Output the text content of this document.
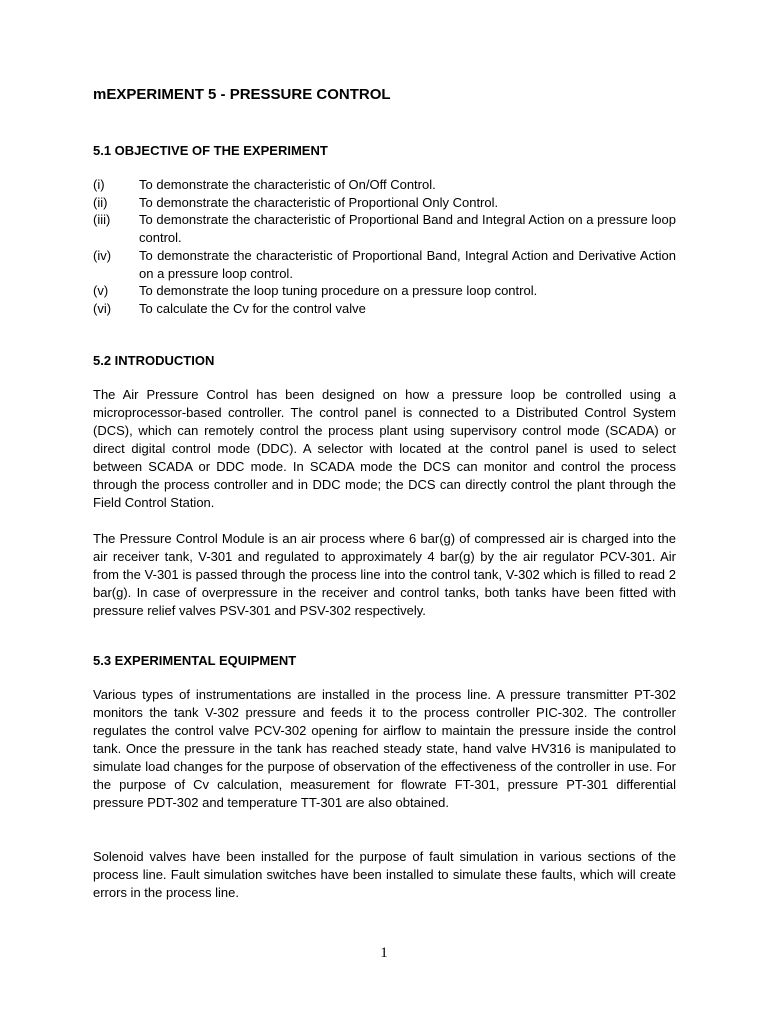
mEXPERIMENT 5 - PRESSURE CONTROL
5.1 OBJECTIVE OF THE EXPERIMENT
(i)	To demonstrate the characteristic of On/Off Control.
(ii)	To demonstrate the characteristic of Proportional Only Control.
(iii)	To demonstrate the characteristic of Proportional Band and Integral Action on a pressure loop control.
(iv)	To demonstrate the characteristic of Proportional Band, Integral Action and Derivative Action on a pressure loop control.
(v)	To demonstrate the loop tuning procedure on a pressure loop control.
(vi)	To calculate the Cv for the control valve
5.2 INTRODUCTION

The Air Pressure Control has been designed on how a pressure loop be controlled using a microprocessor-based controller. The control panel is connected to a Distributed Control System (DCS), which can remotely control the process plant using supervisory control mode (SCADA) or direct digital control mode (DDC). A selector with located at the control panel is used to select between SCADA or DDC mode. In SCADA mode the DCS can monitor and control the process through the process controller and in DDC mode; the DCS can directly control the plant through the Field Control Station.

The Pressure Control Module is an air process where 6 bar(g) of compressed air is charged into the air receiver tank, V-301 and regulated to approximately 4 bar(g) by the air regulator PCV-301. Air from the V-301 is passed through the process line into the control tank, V-302 which is filled to read 2 bar(g). In case of overpressure in the receiver and control tanks, both tanks have been fitted with pressure relief valves PSV-301 and PSV-302 respectively.

5.3 EXPERIMENTAL EQUIPMENT

Various types of instrumentations are installed in the process line. A pressure transmitter PT-302 monitors the tank V-302 pressure and feeds it to the process controller PIC-302. The controller regulates the control valve PCV-302 opening for airflow to maintain the pressure inside the control tank. Once the pressure in the tank has reached steady state, hand valve HV316 is manipulated to simulate load changes for the purpose of observation of the effectiveness of the controller in use. For the purpose of Cv calculation, measurement for flowrate FT-301, pressure PT-301 differential pressure PDT-302 and temperature TT-301 are also obtained.

Solenoid valves have been installed for the purpose of fault simulation in various sections of the process line. Fault simulation switches have been installed to simulate these faults, which will create errors in the process line.

1
